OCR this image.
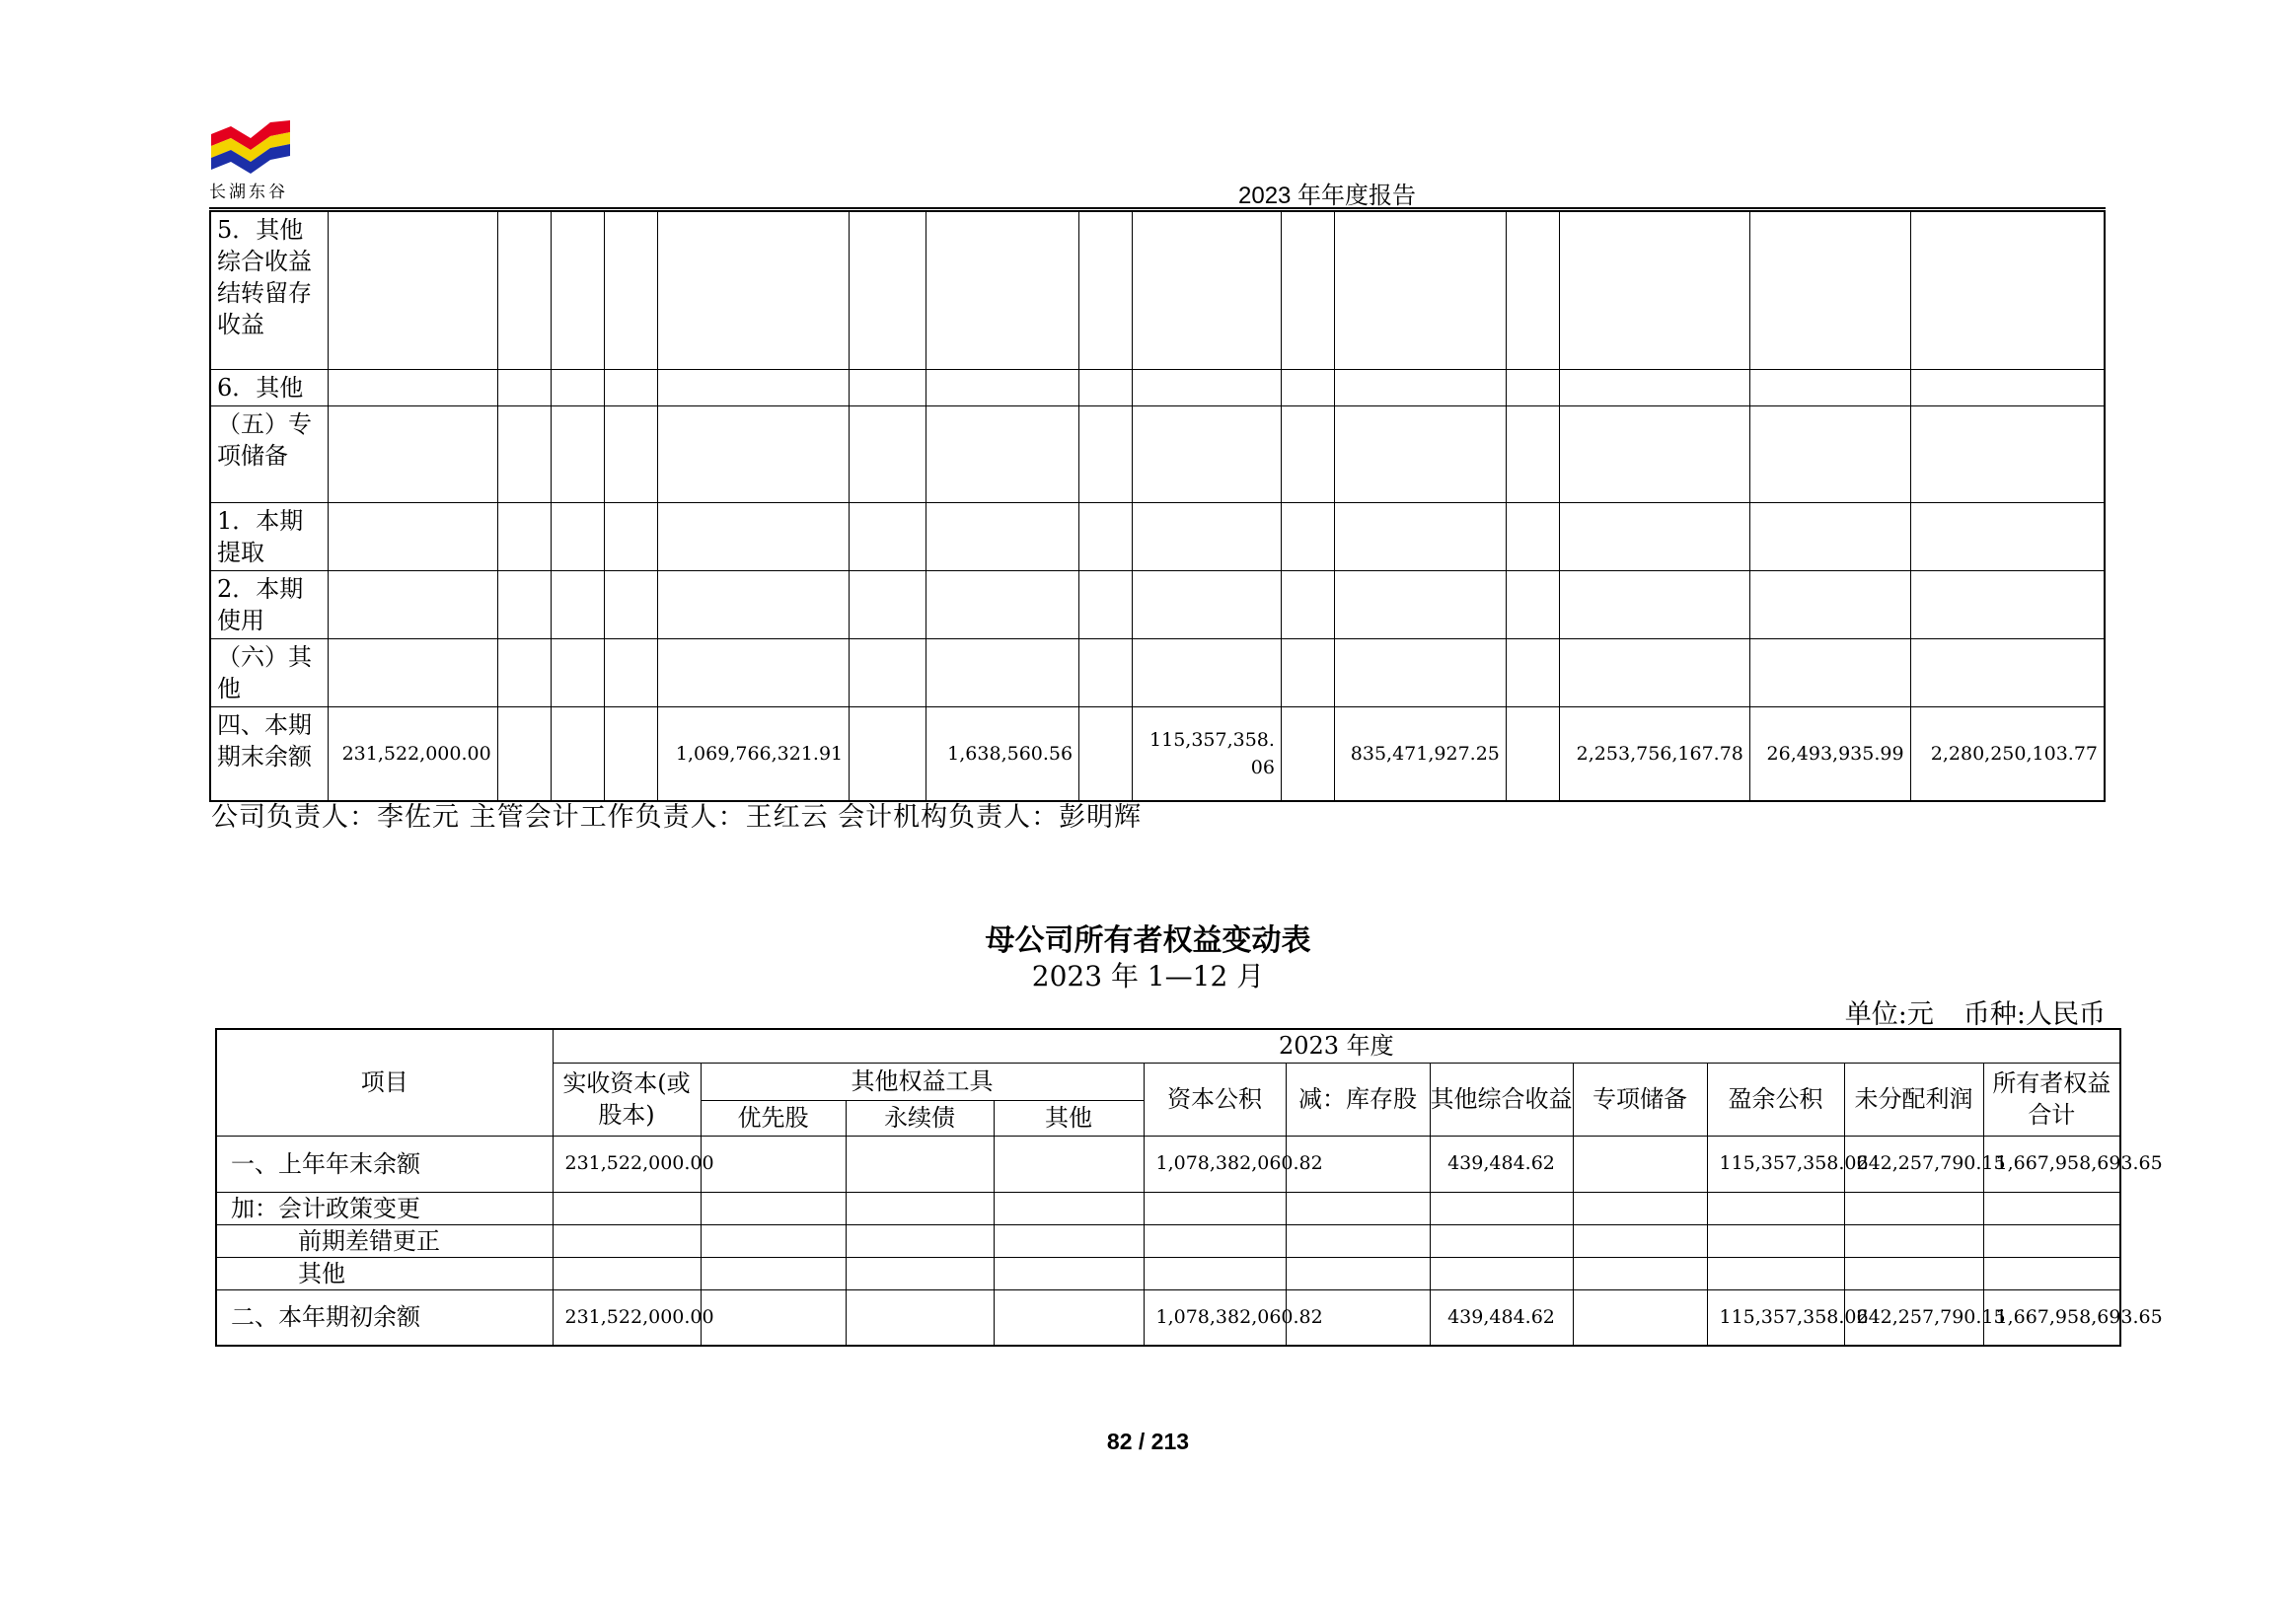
长湖东谷	2023 年年度报告
5．其他综合收益结转留存收益															
6．其他															
（五）专项储备															
1．本期提取															
2．本期使用															
（六）其他															
四、本期期末余额	231,522,000.00				1,069,766,321.91		1,638,560.56		115,357,358.06		835,471,927.25		2,253,756,167.78	26,493,935.99	2,280,250,103.77
公司负责人：李佐元 主管会计工作负责人：王红云 会计机构负责人：彭明辉
母公司所有者权益变动表
2023 年 1—12 月
单位:元 币种:人民币
项目	2023 年度										
	实收资本(或股本)	其他权益工具			资本公积	减：库存股	其他综合收益	专项储备	盈余公积	未分配利润	所有者权益合计
		优先股	永续债	其他							
一、上年年末余额	231,522,000.00				1,078,382,060.82		439,484.62		115,357,358.06	242,257,790.15	1,667,958,693.65
加：会计政策变更											
前期差错更正											
其他											
二、本年期初余额	231,522,000.00				1,078,382,060.82		439,484.62		115,357,358.06	242,257,790.15	1,667,958,693.65
82 / 213
